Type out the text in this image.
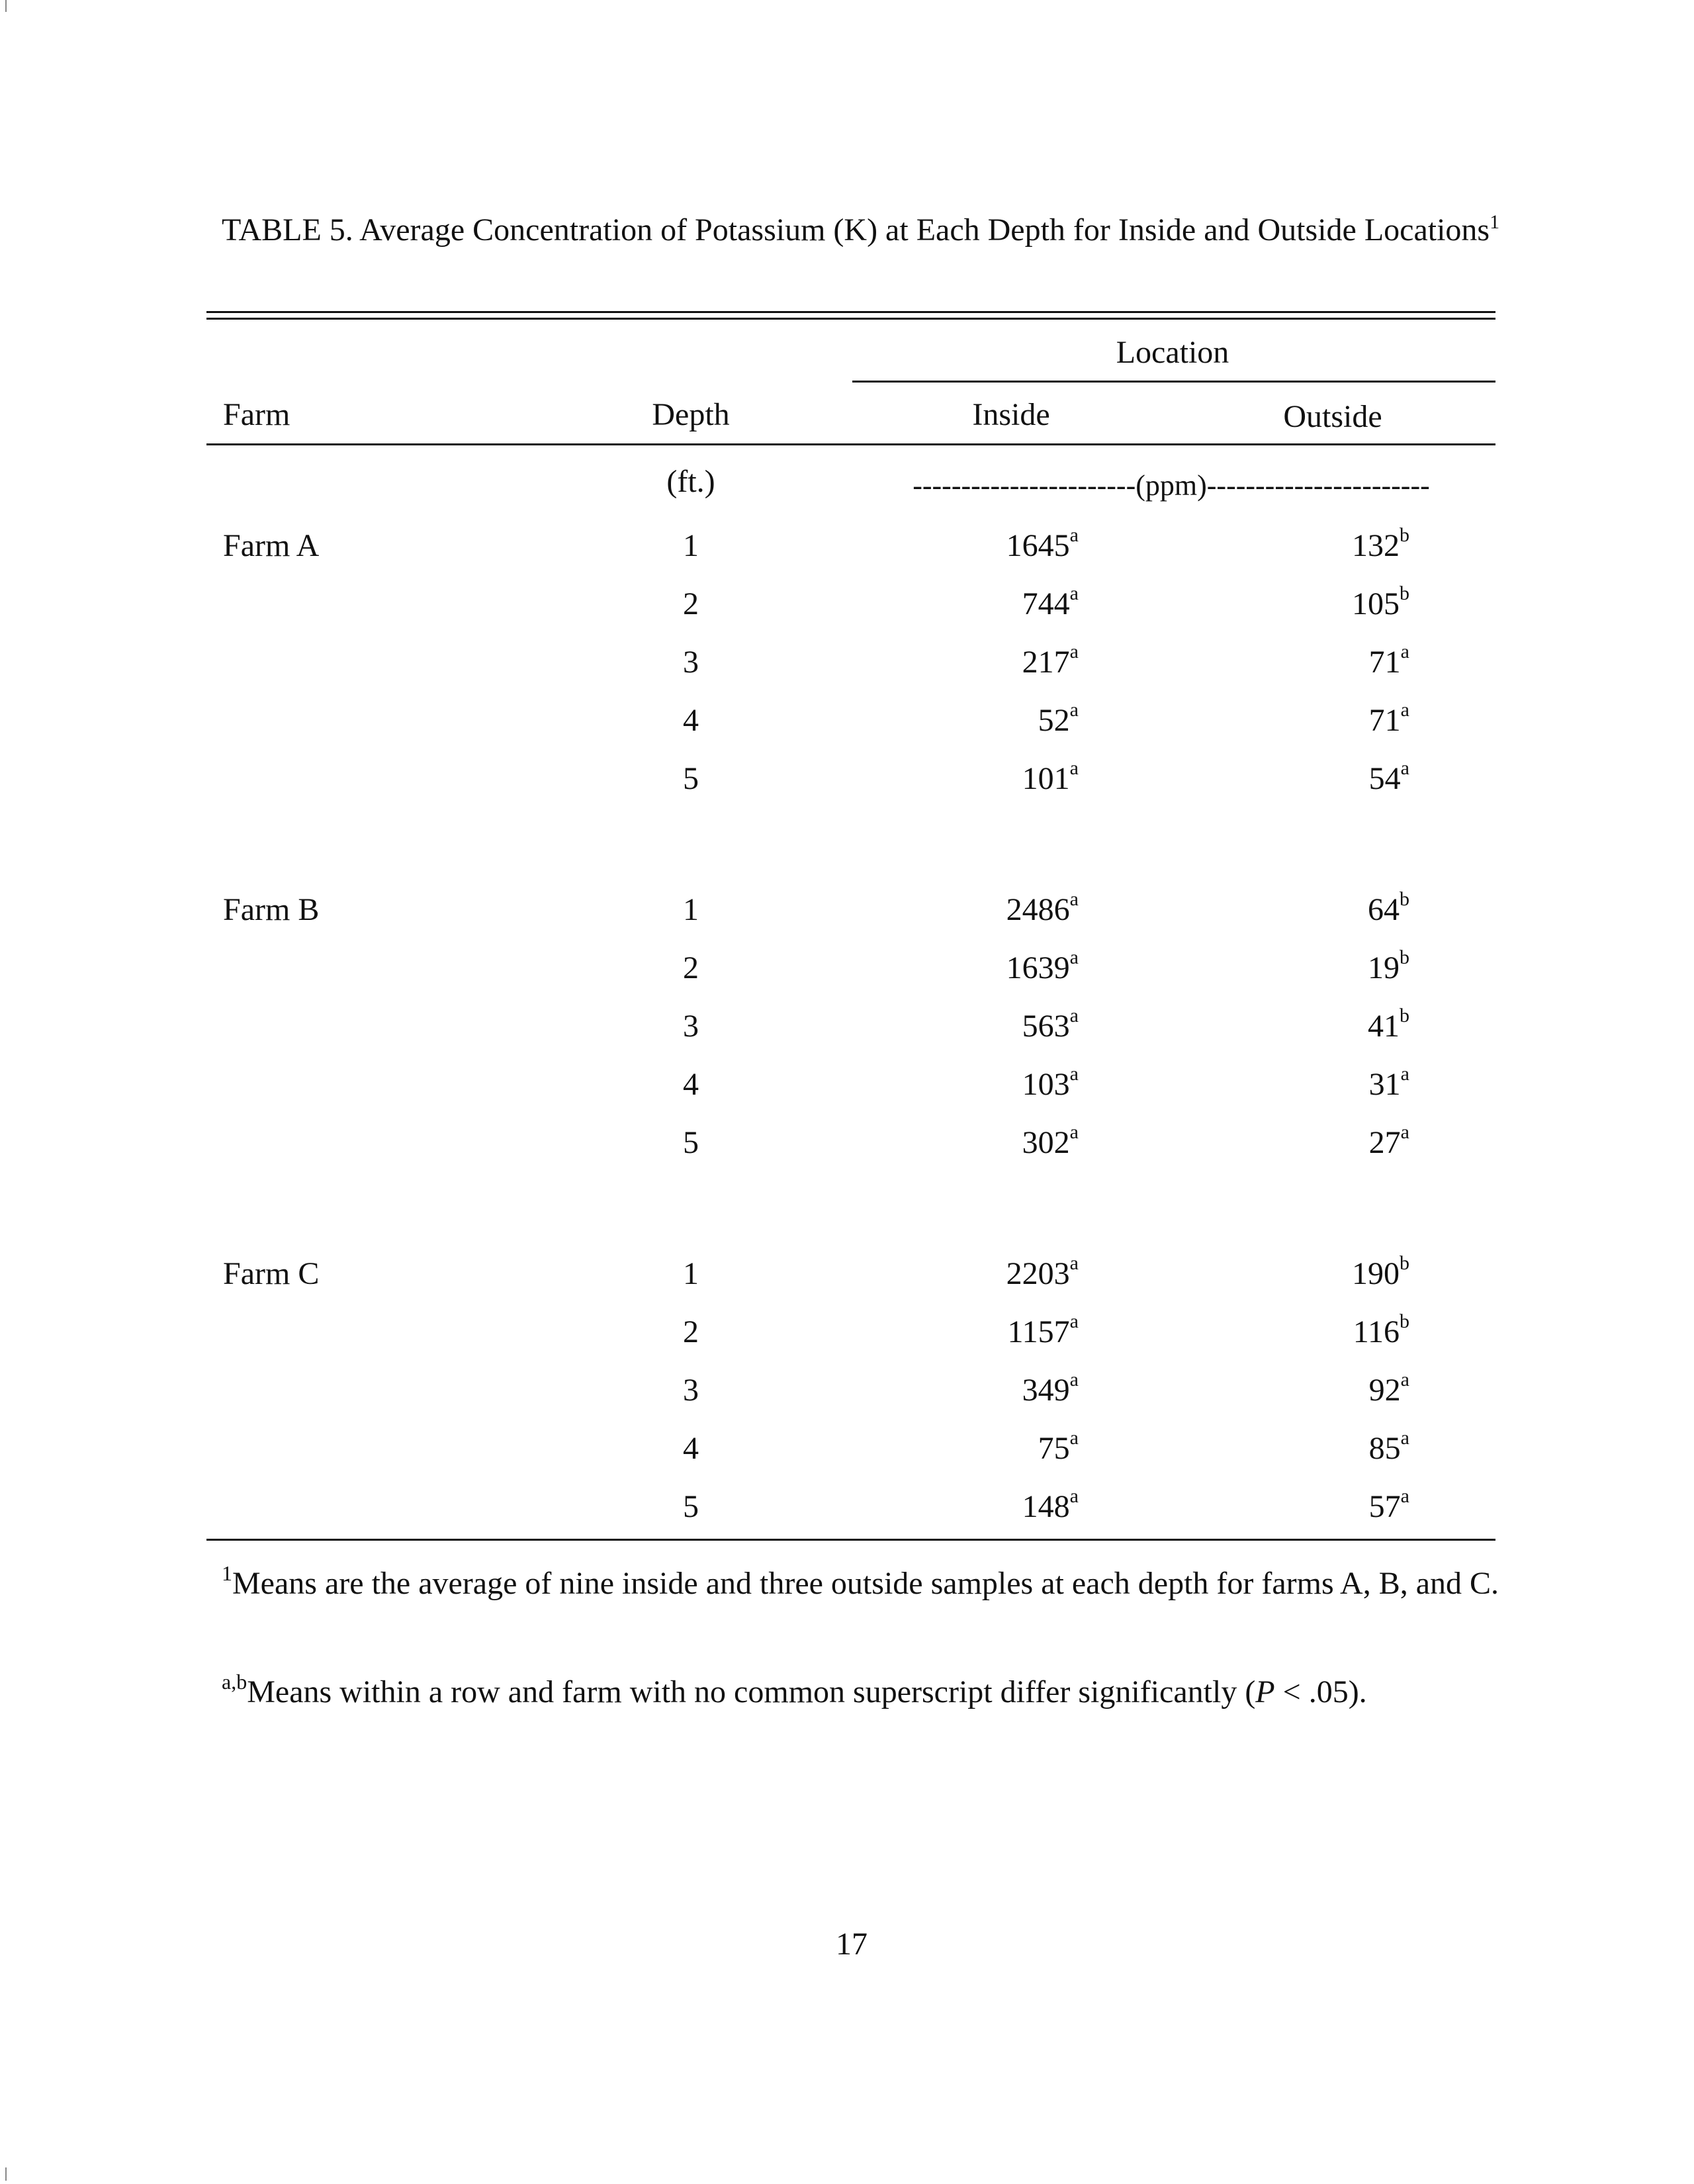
TABLE 5. Average Concentration of Potassium (K) at Each Depth for Inside and Outside Locations$^1$
Location
Farm	Depth	Inside	Outside
(ft.)	-----------------------(ppm)-----------------------
Farm A	1	1645$^a$	132$^b$
2	744$^a$	105$^b$
3	217$^a$	71$^a$
4	52$^a$	71$^a$
5	101$^a$	54$^a$
Farm B	1	2486$^a$	64$^b$
2	1639$^a$	19$^b$
3	563$^a$	41$^b$
4	103$^a$	31$^a$
5	302$^a$	27$^a$
Farm C	1	2203$^a$	190$^b$
2	1157$^a$	116$^b$
3	349$^a$	92$^a$
4	75$^a$	85$^a$
5	148$^a$	57$^a$
$^1$Means are the average of nine inside and three outside samples at each depth for farms A, B, and C.
$^{a,b}$Means within a row and farm with no common superscript differ significantly (P < .05).
17
